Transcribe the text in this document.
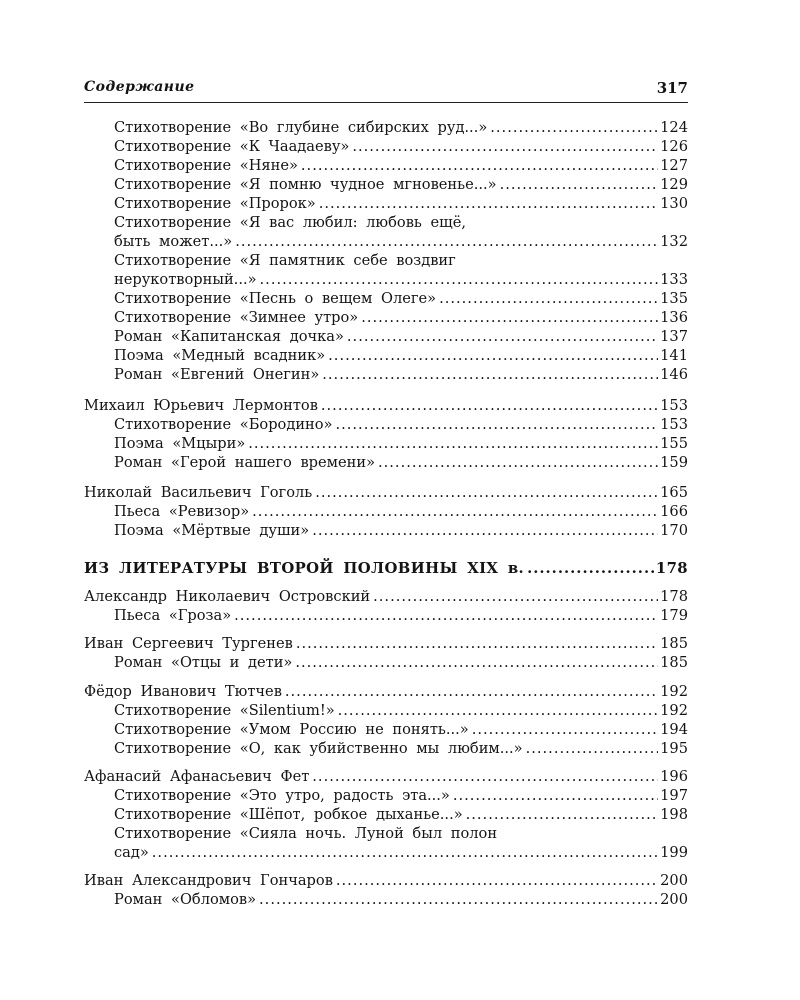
Содержание	317
Стихотворение «Во глубине сибирских руд...» .....	124
Стихотворение «К Чаадаеву» .....	126
Стихотворение «Няне» .....	127
Стихотворение «Я помню чудное мгновенье...» .....	129
Стихотворение «Пророк» .....	130
Стихотворение «Я вас любил: любовь ещё,
быть может...» .....	132
Стихотворение «Я памятник себе воздвиг
нерукотворный...» .....	133
Стихотворение «Песнь о вещем Олеге» .....	135
Стихотворение «Зимнее утро» .....	136
Роман «Капитанская дочка» .....	137
Поэма «Медный всадник» .....	141
Роман «Евгений Онегин» .....	146
Михаил Юрьевич Лермонтов .....	153
Стихотворение «Бородино» .....	153
Поэма «Мцыри» .....	155
Роман «Герой нашего времени» .....	159
Николай Васильевич Гоголь .....	165
Пьеса «Ревизор» .....	166
Поэма «Мёртвые души» .....	170
ИЗ ЛИТЕРАТУРЫ ВТОРОЙ ПОЛОВИНЫ XIX в. .....	178
Александр Николаевич Островский .....	178
Пьеса «Гроза» .....	179
Иван Сергеевич Тургенев .....	185
Роман «Отцы и дети» .....	185
Фёдор Иванович Тютчев .....	192
Стихотворение «Silentium!» .....	192
Стихотворение «Умом Россию не понять...» .....	194
Стихотворение «О, как убийственно мы любим...» .....	195
Афанасий Афанасьевич Фет .....	196
Стихотворение «Это утро, радость эта...» .....	197
Стихотворение «Шёпот, робкое дыханье...» .....	198
Стихотворение «Сияла ночь. Луной был полон
сад» .....	199
Иван Александрович Гончаров .....	200
Роман «Обломов» .....	200
